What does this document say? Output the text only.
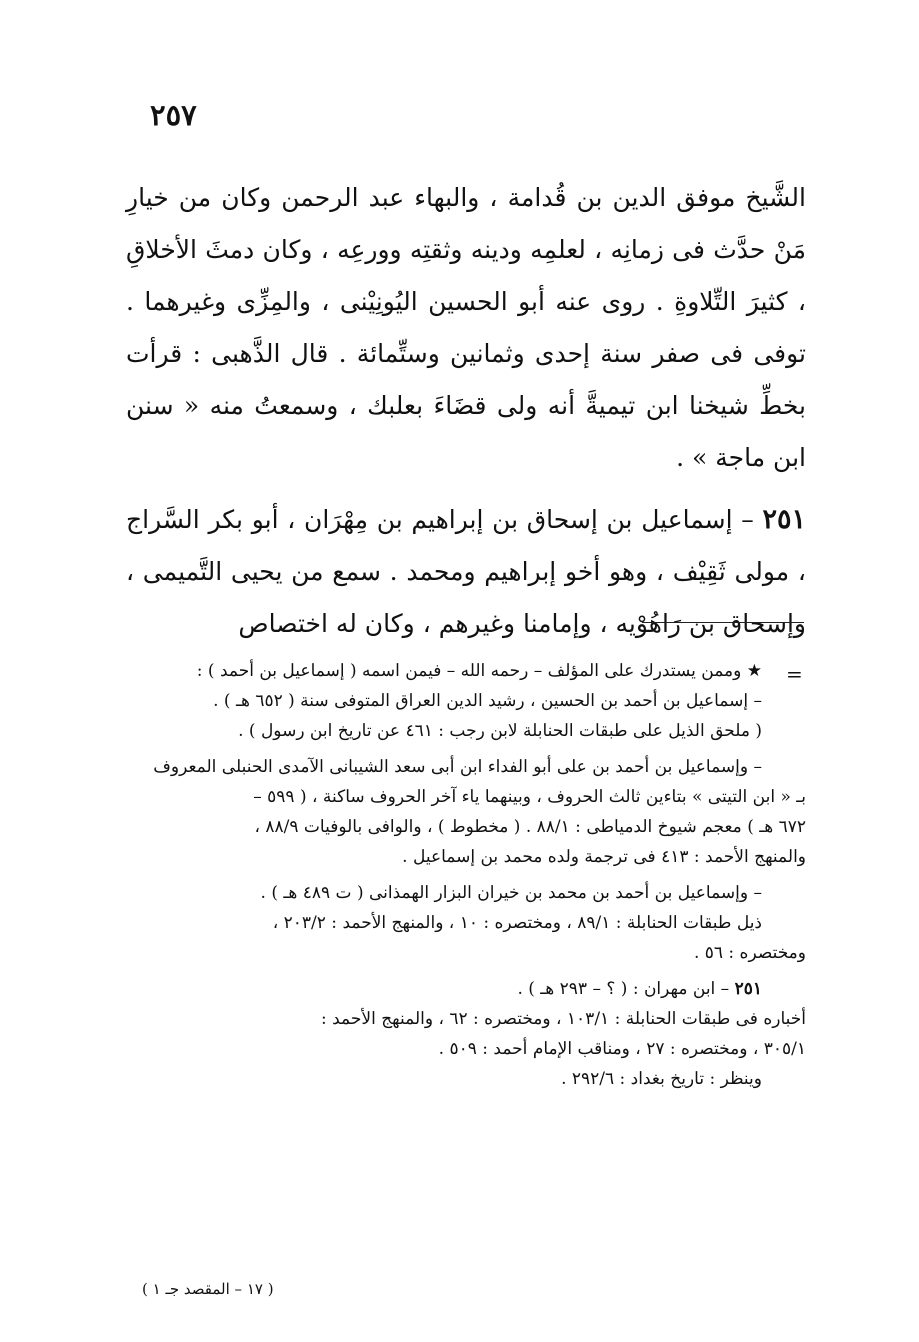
٢٥٧

الشَّيخ موفق الدين بن قُدامة ، والبهاء عبد الرحمن وكان من خيارِ مَنْ حدَّث فى زمانِه ، لعلمِه ودينه وثقتِه وورعِه ، وكان دمثَ الأخلاقِ ، كثيرَ التِّلاوةِ . روى عنه أبو الحسين اليُونِيْنى ، والمِزِّى وغيرهما . توفى فى صفر سنة إحدى وثمانين وستِّمائة . قال الذَّهبى : قرأت بخطِّ شيخنا ابن تيميةَّ أنه ولى قضَاءَ بعلبك ، وسمعتُ منه « سنن ابن ماجة » .

٢٥١ – إسماعيل بن إسحاق بن إبراهيم بن مِهْرَان ، أبو بكر السَّراج ، مولى ثَقِيْف ، وهو أخو إبراهيم ومحمد . سمع من يحيى التَّميمى ، وإسحاق بن رَاهُوْيه ، وإمامنا وغيرهم ، وكان له اختصاص

=
★ وممن يستدرك على المؤلف – رحمه الله – فيمن اسمه ( إسماعيل بن أحمد ) :
– إسماعيل بن أحمد بن الحسين ، رشيد الدين العراق المتوفى سنة ( ٦٥٢ هـ ) .
( ملحق الذيل على طبقات الحنابلة لابن رجب : ٤٦١ عن تاريخ ابن رسول ) .
– وإسماعيل بن أحمد بن على أبو الفداء ابن أبى سعد الشيبانى الآمدى الحنبلى المعروف
بـ « ابن التيتى » بتاءين ثالث الحروف ، وبينهما ياء آخر الحروف ساكنة ، ( ٥٩٩ –
٦٧٢ هـ ) معجم شيوخ الدمياطى : ٨٨/١ . ( مخطوط ) ، والوافى بالوفيات ٨٨/٩ ،
والمنهج الأحمد : ٤١٣ فى ترجمة ولده محمد بن إسماعيل .
– وإسماعيل بن أحمد بن محمد بن خيران البزار الهمذانى ( ت ٤٨٩ هـ ) .
ذيل طبقات الحنابلة : ٨٩/١ ، ومختصره : ١٠ ، والمنهج الأحمد : ٢٠٣/٢ ،
ومختصره : ٥٦ .
٢٥١ – ابن مهران : ( ؟ – ٢٩٣ هـ ) .
أخباره فى طبقات الحنابلة : ١٠٣/١ ، ومختصره : ٦٢ ، والمنهج الأحمد :
٣٠٥/١ ، ومختصره : ٢٧ ، ومناقب الإمام أحمد : ٥٠٩ .
وينظر : تاريخ بغداد : ٢٩٢/٦ .
( ١٧ – المقصد جـ ١ )
